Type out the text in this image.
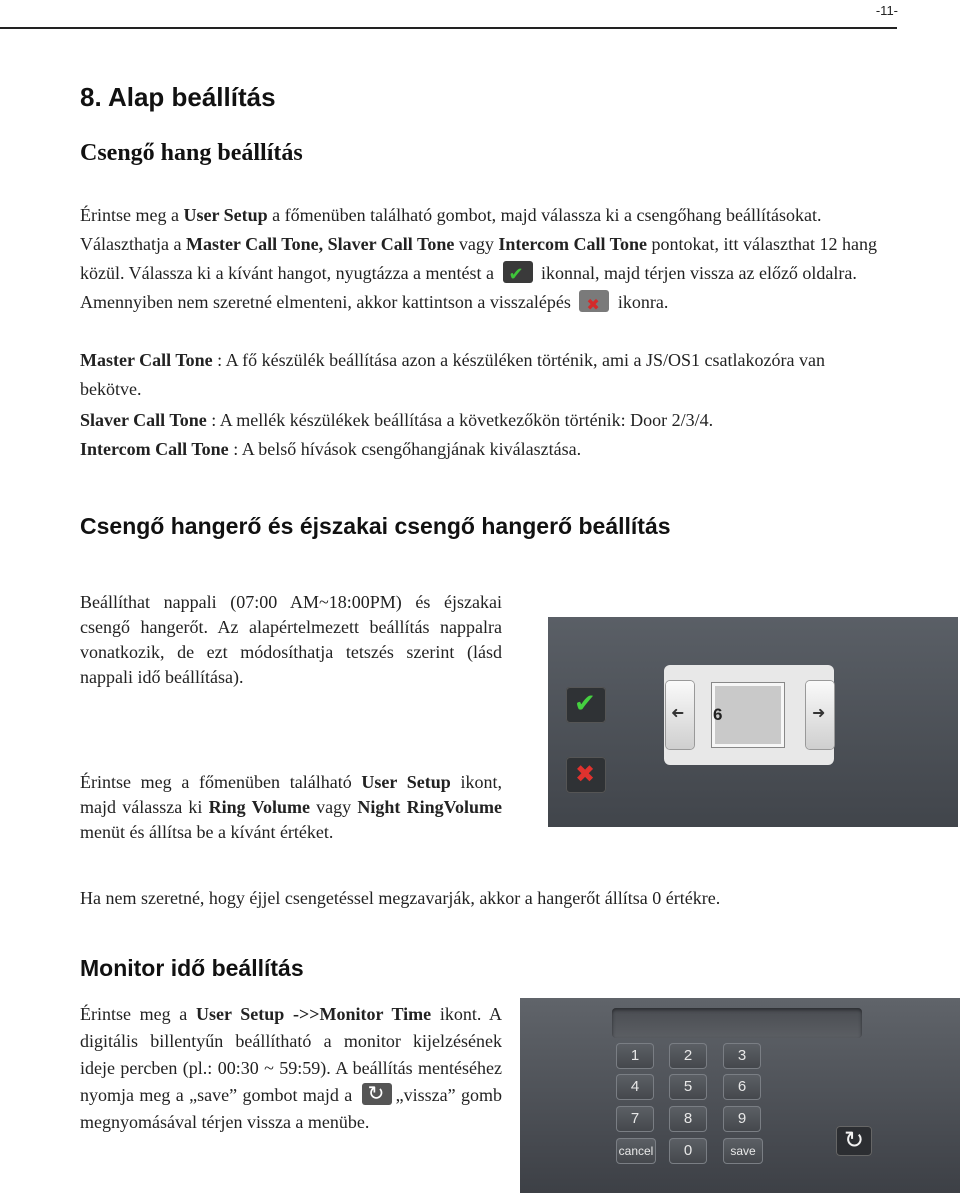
-11-
8. Alap beállítás
Csengő hang beállítás
Érintse meg a User Setup a főmenüben található gombot, majd válassza ki a csengőhang beállításokat. Választhatja a Master Call Tone, Slaver Call Tone vagy Intercom Call Tone pontokat, itt választhat 12 hang közül. Válassza ki a kívánt hangot, nyugtázza a mentést a ✔ ikonnal, majd térjen vissza az előző oldalra. Amennyiben nem szeretné elmenteni, akkor kattintson a visszalépés ✖ ikonra.
Master Call Tone : A fő készülék beállítása azon a készüléken történik, ami a JS/OS1 csatlakozóra van bekötve.
Slaver Call Tone : A mellék készülékek beállítása a következőkön történik: Door 2/3/4.
Intercom Call Tone : A belső hívások csengőhangjának kiválasztása.
Csengő hangerő és éjszakai csengő hangerő beállítás
Beállíthat nappali (07:00 AM~18:00PM) és éjszakai csengő hangerőt. Az alapértelmezett beállítás nappalra vonatkozik, de ezt módosíthatja tetszés szerint (lásd nappali idő beállítása).
Érintse meg a főmenüben található User Setup ikont, majd válassza ki Ring Volume vagy Night RingVolume menüt és állítsa be a kívánt értéket.
✔
✖
➜
➜
6
Ha nem szeretné, hogy éjjel csengetéssel megzavarják, akkor a hangerőt állítsa 0 értékre.
Monitor idő beállítás
Érintse meg a User Setup ->>Monitor Time ikont. A digitális billentyűn beállítható a monitor kijelzésének ideje percben (pl.: 00:30 ~ 59:59). A beállítás mentéséhez nyomja meg a „save” gombot majd a ↻„vissza” gomb megnyomásával térjen vissza a menübe.
1	2	3
4	5	6
7	8	9
cancel	0	save	↻
